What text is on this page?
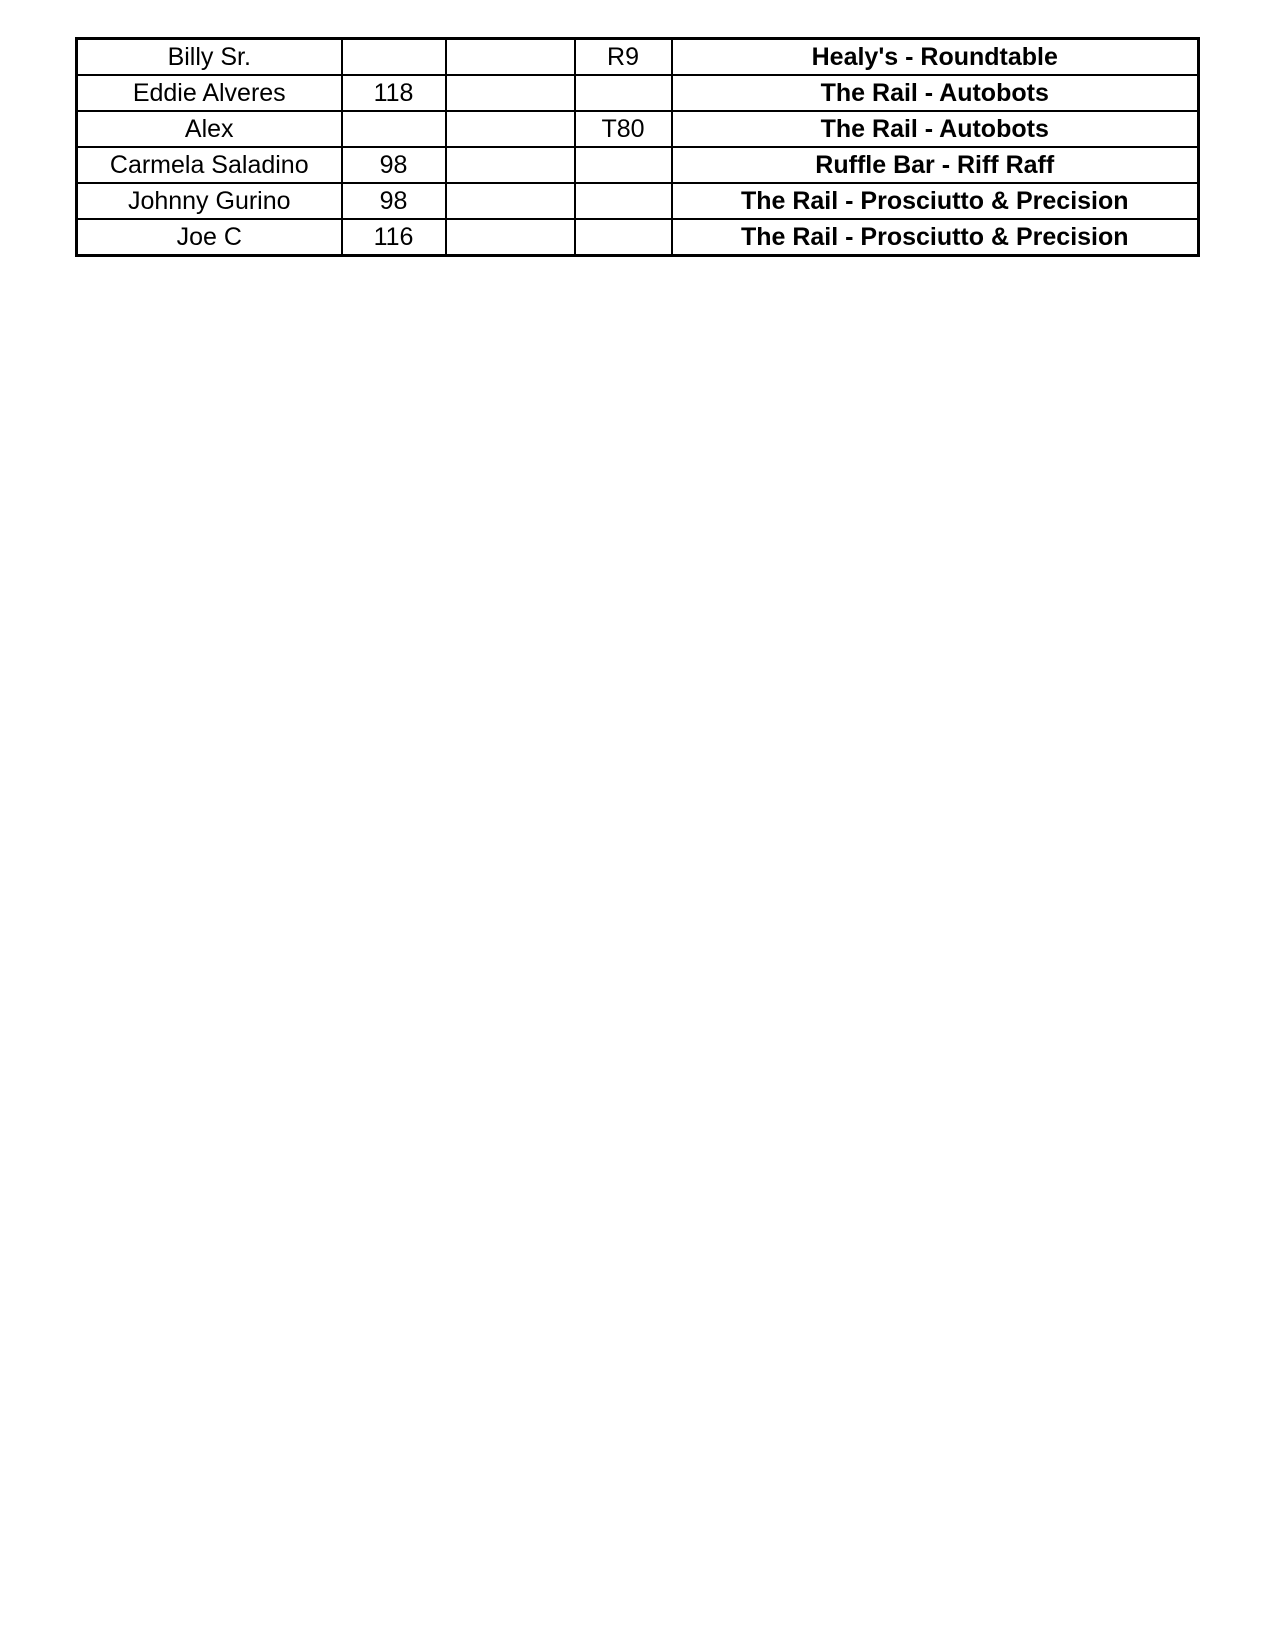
Billy Sr.			R9	Healy's - Roundtable
Eddie Alveres	118			The Rail - Autobots
Alex			T80	The Rail - Autobots
Carmela Saladino	98			Ruffle Bar - Riff Raff
Johnny Gurino	98			The Rail - Prosciutto & Precision
Joe C	116			The Rail - Prosciutto & Precision
